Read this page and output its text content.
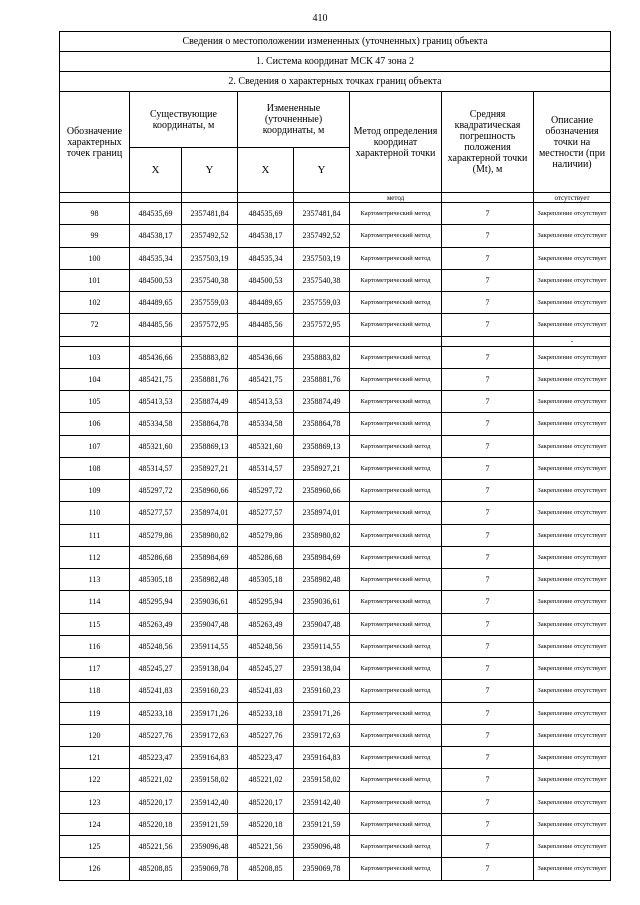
410
Сведения о местоположении измененных (уточненных) границ объекта							
1. Система координат МСК 47 зона 2							
2. Сведения о характерных точках границ объекта							
Обозначение характерных точек границ	Существующие координаты, м		Измененные (уточненные) координаты, м		Метод определения координат характерной точки	Средняя квадратическая погрешность положения характерной точки (Mt), м	Описание обозначения точки на местности (при наличии)
	X	Y	X	Y			
					метод		отсутствует
98	484535,69	2357481,84	484535,69	2357481,84	Картометрический метод	7	Закрепление отсутствует
99	484538,17	2357492,52	484538,17	2357492,52	Картометрический метод	7	Закрепление отсутствует
100	484535,34	2357503,19	484535,34	2357503,19	Картометрический метод	7	Закрепление отсутствует
101	484500,53	2357540,38	484500,53	2357540,38	Картометрический метод	7	Закрепление отсутствует
102	484489,65	2357559,03	484489,65	2357559,03	Картометрический метод	7	Закрепление отсутствует
72	484485,56	2357572,95	484485,56	2357572,95	Картометрический метод	7	Закрепление отсутствует
							-
103	485436,66	2358883,82	485436,66	2358883,82	Картометрический метод	7	Закрепление отсутствует
104	485421,75	2358881,76	485421,75	2358881,76	Картометрический метод	7	Закрепление отсутствует
105	485413,53	2358874,49	485413,53	2358874,49	Картометрический метод	7	Закрепление отсутствует
106	485334,58	2358864,78	485334,58	2358864,78	Картометрический метод	7	Закрепление отсутствует
107	485321,60	2358869,13	485321,60	2358869,13	Картометрический метод	7	Закрепление отсутствует
108	485314,57	2358927,21	485314,57	2358927,21	Картометрический метод	7	Закрепление отсутствует
109	485297,72	2358960,66	485297,72	2358960,66	Картометрический метод	7	Закрепление отсутствует
110	485277,57	2358974,01	485277,57	2358974,01	Картометрический метод	7	Закрепление отсутствует
111	485279,86	2358980,82	485279,86	2358980,82	Картометрический метод	7	Закрепление отсутствует
112	485286,68	2358984,69	485286,68	2358984,69	Картометрический метод	7	Закрепление отсутствует
113	485305,18	2358982,48	485305,18	2358982,48	Картометрический метод	7	Закрепление отсутствует
114	485295,94	2359036,61	485295,94	2359036,61	Картометрический метод	7	Закрепление отсутствует
115	485263,49	2359047,48	485263,49	2359047,48	Картометрический метод	7	Закрепление отсутствует
116	485248,56	2359114,55	485248,56	2359114,55	Картометрический метод	7	Закрепление отсутствует
117	485245,27	2359138,04	485245,27	2359138,04	Картометрический метод	7	Закрепление отсутствует
118	485241,83	2359160,23	485241,83	2359160,23	Картометрический метод	7	Закрепление отсутствует
119	485233,18	2359171,26	485233,18	2359171,26	Картометрический метод	7	Закрепление отсутствует
120	485227,76	2359172,63	485227,76	2359172,63	Картометрический метод	7	Закрепление отсутствует
121	485223,47	2359164,83	485223,47	2359164,83	Картометрический метод	7	Закрепление отсутствует
122	485221,02	2359158,02	485221,02	2359158,02	Картометрический метод	7	Закрепление отсутствует
123	485220,17	2359142,40	485220,17	2359142,40	Картометрический метод	7	Закрепление отсутствует
124	485220,18	2359121,59	485220,18	2359121,59	Картометрический метод	7	Закрепление отсутствует
125	485221,56	2359096,48	485221,56	2359096,48	Картометрический метод	7	Закрепление отсутствует
126	485208,85	2359069,78	485208,85	2359069,78	Картометрический метод	7	Закрепление отсутствует
